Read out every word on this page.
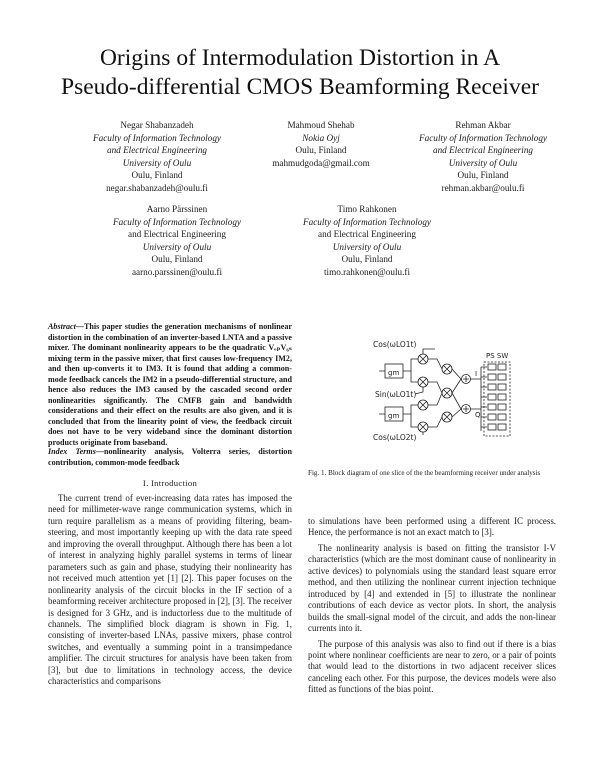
Origins of Intermodulation Distortion in A
Pseudo-differential CMOS Beamforming Receiver
Negar Shabanzadeh
Faculty of Information Technology
and Electrical Engineering
University of Oulu
Oulu, Finland
negar.shabanzadeh@oulu.fi
Mahmoud Shehab
Nokia Oyj
Oulu, Finland
mahmudgoda@gmail.com
Rehman Akbar
Faculty of Information Technology
and Electrical Engineering
University of Oulu
Oulu, Finland
rehman.akbar@oulu.fi
Aarno Pärssinen
Faculty of Information Technology
and Electrical Engineering
University of Oulu
Oulu, Finland
aarno.parssinen@oulu.fi
Timo Rahkonen
Faculty of Information Technology
and Electrical Engineering
University of Oulu
Oulu, Finland
timo.rahkonen@oulu.fi
Abstract—This paper studies the generation mechanisms of nonlinear distortion in the combination of an inverter-based LNTA and a passive mixer. The dominant nonlinearity appears to be the quadratic VₒₚV₆ₛ mixing term in the passive mixer, that first causes low-frequency IM2, and then up-converts it to IM3. It is found that adding a common-mode feedback cancels the IM2 in a pseudo-differential structure, and hence also reduces the IM3 caused by the cascaded second order nonlinearities significantly. The CMFB gain and bandwidth considerations and their effect on the results are also given, and it is concluded that from the linearity point of view, the feedback circuit does not have to be very wideband since the dominant distortion products originate from baseband.
Index Terms—nonlinearity analysis, Volterra series, distortion contribution, common-mode feedback
I. Introduction

The current trend of ever-increasing data rates has imposed the need for millimeter-wave range communication systems, which in turn require parallelism as a means of providing filtering, beam-steering, and most importantly keeping up with the data rate speed and improving the overall throughput. Although there has been a lot of interest in analyzing highly parallel systems in terms of linear parameters such as gain and phase, studying their nonlinearity has not received much attention yet [1] [2]. This paper focuses on the nonlinearity analysis of the circuit blocks in the IF section of a beamforming receiver architecture proposed in [2], [3]. The receiver is designed for 3 GHz, and is inductorless due to the multitude of channels. The simplified block diagram is shown in Fig. 1, consisting of inverter-based LNAs, passive mixers, phase control switches, and eventually a summing point in a transimpedance amplifier. The circuit structures for analysis have been taken from [3], but due to limitations in technology access, the device characteristics and comparisons

to simulations have been performed using a different IC process. Hence, the performance is not an exact match to [3].

The nonlinearity analysis is based on fitting the transistor I-V characteristics (which are the most dominant cause of nonlinearity in active devices) to polynomials using the standard least square error method, and then utilizing the nonlinear current injection technique introduced by [4] and extended in [5] to illustrate the nonlinear contributions of each device as vector plots. In short, the analysis builds the small-signal model of the circuit, and adds the non-linear currents into it.

The purpose of this analysis was also to find out if there is a bias point where nonlinear coefficients are near to zero, or a pair of points that would lead to the distortions in two adjacent receiver slices canceling each other. For this purpose, the devices models were also fitted as functions of the bias point.

Cos(ωLO1t)
Sin(ωLO1t)
Cos(ωLO2t)
PS SW
gm
gm
I
Q
Fig. 1. Block diagram of one slice of the the beamforming receiver under analysis
